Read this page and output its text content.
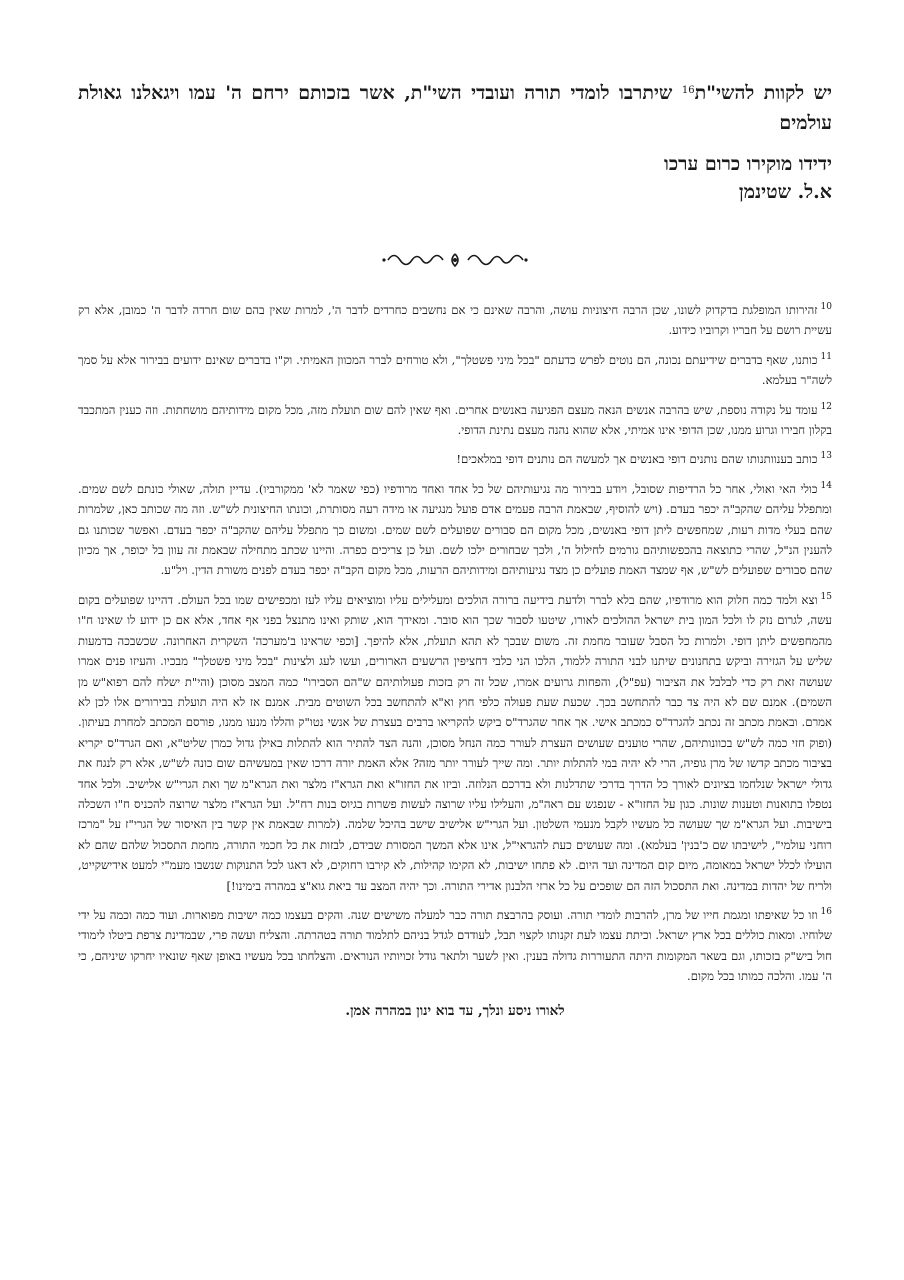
יש לקוות להשי"ת$^{16}$ שיתרבו לומדי תורה ועובדי השי"ת, אשר בזכותם ירחם ה' עמו ויגאלנו גאולת עולמים
ידידו מוקירו כרום ערכו
א.ל. שטינמן

$^{10}$זהירותו המופלגת בדקדוק לשונו, שכן הרבה חיצוניות עושה, והרבה שאינם כי אם נחשבים כחרדים לדבר ה', למרות שאין בהם שום חרדה לדבר ה' כמובן, אלא רק עשיית רושם על חבריו וקרוביו כידוע.

$^{11}$כותנו, שאף בדברים שידיעתם נכונה, הם נוטים לפרש כדעתם "בכל מיני פשטלך", ולא טורחים לברר המכוון האמיתי. וק"ו בדברים שאינם ידועים בבירור אלא על סמך לשה"ר בעלמא.

$^{12}$עומד על נקודה נוספת, שיש בהרבה אנשים הנאה מעצם הפגיעה באנשים אחרים. ואף שאין להם שום תועלת מזה, מכל מקום מידותיהם מושחתות. וזה כענין המתכבד בקלון חבירו וגרוע ממנו, שכן הדופי אינו אמיתי, אלא שהוא נהנה מעצם נתינת הדופי.

$^{13}$כותב בענוותנותו שהם נותנים דופי באנשים אך למעשה הם נותנים דופי במלאכים!

$^{14}$כולי האי ואולי, אחר כל הרדיפות שסובל, ויודע בבירור מה נגיעותיהם של כל אחד ואחד מרודפיו (כפי שאמר לא' ממקורביו). עדיין תולה, שאולי כונתם לשם שמים. ומתפלל עליהם שהקב"ה יכפר בעדם. (ויש להוסיף, שבאמת הרבה פעמים אדם פועל מנגיעה או מידה רעה מסותרת, וכונתו החיצונית לש"ש. וזה מה שכותב כאן, שלמרות שהם בעלי מדות רעות, שמחפשים ליתן דופי באנשים, מכל מקום הם סבורים שפועלים לשם שמים. ומשום כך מתפלל עליהם שהקב"ה יכפר בעדם. ואפשר שכותנו גם להענין הנ"ל, שהרי כתוצאה בהכפשותיהם גורמים לחילול ה', ולכך שבחורים ילכו לשם. ועל כן צריכים כפרה. והיינו שכתב מתחילה שבאמת זה עוון בל יכופר, אך מכיון שהם סבורים שפועלים לש"ש, אף שמצד האמת פועלים כן מצד נגיעותיהם ומידותיהם הרעות, מכל מקום הקב"ה יכפר בעדם לפנים משורת הדין. ויל"ע.

$^{15}$וצא ולמד כמה חלוק הוא מרודפיו, שהם בלא לברר ולדעת בידיעה ברורה הולכים ומעלילים עליו ומוציאים עליו לעז ומכפישים שמו בכל העולם. דהיינו שפועלים בקום עשה, לגרום נזק לו ולכל המון בית ישראל ההולכים לאורו, שיטעו לסבור שכך הוא סובר. ומאידך הוא, שותק ואינו מתנצל בפני אף אחד, אלא אם כן ידוע לו שאינו ח"ו מהמחפשים ליתן דופי. ולמרות כל הסבל שעובר מחמת זה. משום שבכך לא תהא תועלת, אלא להיפך. [וכפי שראינו ב'מערכה' השקרית האחרונה. שכשבכה בדמעות שליש על הגזירה וביקש בתחנונים שיתנו לבני התורה ללמוד, הלכו הני כלבי דחציפין הרשעים הארורים, ועשו לעג ולצינות "בכל מיני פשטלך" מבכיו. והעיזו פנים אמרו שעושה זאת רק כדי לבלבל את הציבור (עפ"ל), והפחות גרועים אמרו, שכל זה רק בזכות פעולותיהם ש"הם הסבירו" כמה המצב מסוכן (והי"ת ישלח להם רפוא"ש מן השמים). אמנם שם לא היה צד כבר להתחשב בכך. שכעת שעת פעולה כלפי חוץ וא"א להתחשב בכל השוטים מבית. אמנם אז לא היה תועלת בבירורים אלו לכן לא אמרם. ובאמת מכתב זה נכתב להגרד"ס כמכתב אישי. אך אחר שהגרד"ס ביקש להקריאו ברבים בעצרת של אנשי נטו"ק והללו מנעו ממנו, פורסם המכתב למחרת בעיתון. (ופוק חזי כמה לש"ש בכוונותיהם, שהרי טוענים שעושים העצרת לעורר כמה הנחל מסוכן, והנה הצד להתיר הוא להתלות באילן גדול כמרן שליט"א, ואם הגרד"ס יקריא בציבור מכתב קדשו של מרן גופיה, הרי לא יהיה במי להתלות יותר. ומה שייך לעורר יותר מזה? אלא האמת יורה דרכו שאין במעשיהם שום כונה לש"ש, אלא רק לנגח את גדולי ישראל שנלחמו בציונים לאורך כל הדרך בדרכי שתדלנות ולא בדרכם הנלוזה. וביזו את החזו"א ואת הגרא"ז מלצר ואת הגרא"מ שך ואת הגרי"ש אלישיב. ולכל אחד נטפלו בתואנות וטענות שונות. כגון על החזו"א - שנפגש עם ראה"מ, והעלילו עליו שרוצה לעשות פשרות בגיוס בנות רח"ל. ועל הגרא"ז מלצר שרוצה להכניס ח"ו השכלה בישיבות. ועל הגרא"מ שך שעושה כל מעשיו לקבל מנעמי השלטון. ועל הגרי"ש אלישיב שישב בהיכל שלמה. (למרות שבאמת אין קשר בין האיסור של הגרי"ז על "מרכז רוחני עולמי", לישיבתו שם כ'בנין' בעלמא). ומה שעושים כעת להגראי"ל, אינו אלא המשך המסורת שבידם, לבזות את כל חכמי התורה, מחמת התסכול שלהם שהם לא הועילו לכלל ישראל במאומה, מיום קום המדינה ועד היום. לא פתחו ישיבות, לא הקימו קהילות, לא קירבו רחוקים, לא דאגו לכל התנוקות שנשבו מעמ"י למעט אידישקייט, ולריח של יהדות במדינה. ואת התסכול הזה הם שופכים על כל ארזי הלבנון אדירי התורה. וכך יהיה המצב עד ביאת גוא"צ במהרה בימינו!]

$^{16}$וזו כל שאיפתו ומגמת חייו של מרן, להרבות לומדי תורה. ועוסק בהרבצת תורה כבר למעלה משישים שנה. והקים בעצמו כמה ישיבות מפוארות. ועוד כמה וכמה על ידי שלוחיו. ומאות כוללים בכל ארץ ישראל. וכיתת עצמו לעת זקנותו לקצוי תבל, לעודדם לגדל בניהם לתלמוד תורה בטהרתה. והצליח ועשה פרי, שבמדינת צרפת ביטלו לימודי חול ביש"ק בזכותו, וגם בשאר המקומות היתה התעוררות גדולה בענין. ואין לשער ולתאר גודל זכויותיו הנוראים. והצלחתו בכל מעשיו באופן שאף שונאיו יחרקו שיניהם, כי ה' עמו. והלכה כמותו בכל מקום.

לאורו ניסע ונלך, עד בוא ינון במהרה אמן.
